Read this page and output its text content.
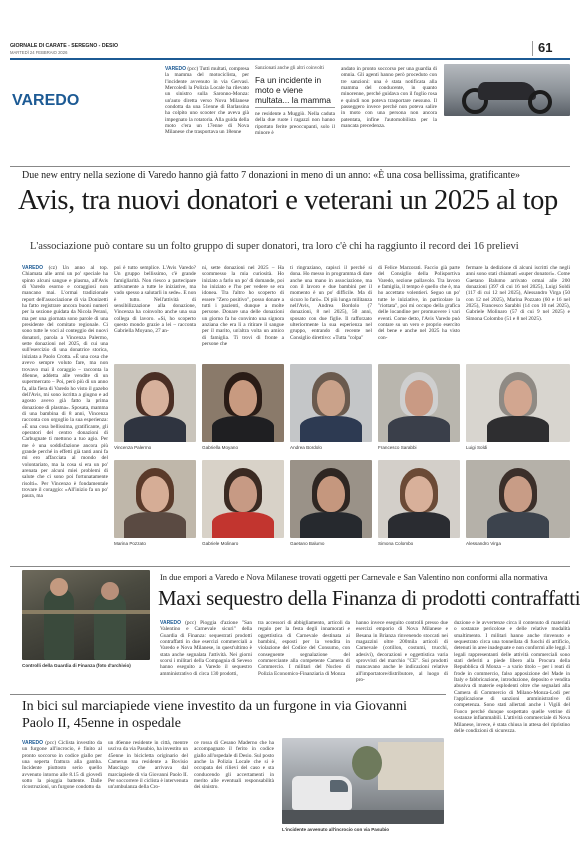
GIORNALE DI CARATE - SEREGNO - DESIO
MARTEDÌ 24 FEBBRAIO 2026	61
VAREDO

VAREDO (pcc) Tutti multati, compresa la mamma del motociclista, per l'incidente avvenuto in via Gervasi. Mercoledì la Polizia Locale ha rilevato un sinistro sulla Saronno-Monza: un'auto diretta verso Nova Milanese condotta da una 51enne di Barlassina ha colpito uno scooter che aveva già impegnato la rotatoria. Alla guida della moto c'era un 17enne di Nova Milanese che trasportava un 18enne

Sanzionati anche gli altri coinvolti
Fa un incidente in moto e viene multata... la mamma

ne residente a Muggiò. Nella caduta della due ruote i ragazzi non hanno riportato ferite preoccupanti, solo il minore è

andato in pronto soccorso per una guardia di omnia. Gli agenti hanno però proceduto con tre sanzioni: una è stata notificata alla mamma del conducente, in quanto minorenne, perché guidava con il foglio rosa e quindi non poteva trasportare nessuno. Il passeggero invece perché non poteva salire in moto con una persona non ancora patentata, infine l'automobilista per la mancata precedenza.
Due new entry nella sezione di Varedo hanno già fatto 7 donazioni in meno di un anno: «È una cosa bellissima, gratificante»
Avis, tra nuovi donatori e veterani un 2025 al top
L'associazione può contare su un folto gruppo di super donatori, tra loro c'è chi ha raggiunto il record dei 16 prelievi

VAREDO (cz) Un anno al top. Chiamata alle armi un po' speciale ha spinto alcuni sangue e plasma, all'Avis di Varedo esorno e coraggiosi non mancano mai. L'ormai tradizionale report dell'associazione di via Donizetti ha fatto registrare ancora buoni numeri per la sezione guidata da Nicola Perani, ma per una giornata sono parole di una presidente del comitato regionale. Ci sono tutte le voci al conteggio dei nuovi donatori, parola a Vincenza Palermo, sette donazioni nel 2025, di cui una sull'esercizio di una donatrice storica, iniziata a Paolo Crotta. «È una cosa che avevo sempre voluto fare, ma non trovavo mai il coraggio – racconta la 46enne, addetta alle vendite di un supermercato – Poi, però più di un anno fa, alla fiera di Varedo ho visto il gazebo dell'Avis, mi sono iscritta a giugno e ad agosto avevo già fatto la prima donazione di plasma». Sposata, mamma di una bambina di 8 anni, Vincenza racconta con orgoglio la sua esperienza: «È una cosa bellissima, gratificante, gli operatori del centro donazioni di Carbugnate ti mettono a tuo agio. Per me è una soddisfazione ancora più grande perché in effetti già tanti anni fa mi ero affacciata al mondo del volontariato, ma la cosa si era un po' arenata per alcuni miei problemi di salute che ci sono poi fortunatamente risolti». Per Vincenzo è fondamentale trovare il coraggio: «All'inizio fa un po' paura, ma

poi è tutto semplice. L'Avis Varedo? Un gruppo bellissimo, c'è grande famigliarità. Non riesco a partecipare attivamente a tutte le iniziative, ma vado spesso a salutarli in sede». E non è tutto. Nell'attività di sensibilizzazione alla donazione, Vincenza ha coinvolto anche una sua collega di lavoro. «Si, ho scoperto questo mondo grazie a lei – racconta Gabriella Moyano, 27 an-
ni, sette donazioni nel 2025 – Ha scommesso la mia curiosità. Ho iniziato a farlo un po' di domande, poi ho iniziato e l'ho per vedere se era idonea. Tra l'altro ho scoperto di essere "Zero positivo", posso donare a tutti i pazienti, dunque a molte persone. Donare una delle donazioni un giorno fa ho convinto una signora anziana che era lì a ritirare il sangue per il marito, un'altra volta un amico di famiglia. Ti trovi di fronte a persone che
ti ringraziano, capisci il perché si dona. Ho messo in programma di dare anche una mano in associazione, ma con il lavoro e due bambini per il momento è un po' difficile. Ma di sicuro lo farò». Di più lunga militanza nell'Avis, Andrea Bordolo (7 donazioni, 8 nel 2025), 50 anni, sposato con due figlie. Il rafforzato ulteriormente la sua esperienza nel gruppo, entrando di recente nel Consiglio direttivo: «Tutta "colpa"
di Felice Marzorati. Faccio già parte del Consiglio della Polisportiva Varedo, sezione pallavolo. Tra lavoro e famiglia, il tempo è quello che è, ma ho accettato volentieri. Seguo un po' tutte le iniziative, in particolare la "riottata", poi mi occupo della grafica delle locandine per promuovere i vari eventi. Come detto, l'Avis Varedo può contare su un vero e proprio esercito del bene e anche nel 2025 ha visto con-
fermare la dedizione di alcuni iscritti che negli anni sono stati chiamati «super donatori». Come Gaetano Balumo arrivato ormai alle 200 donazioni (397 di cui 16 nel 2025), Luigi Soldi (117 di cui 12 nel 2025), Alessandro Virga (50 con 12 nel 2025), Marina Pozzato (60 e 16 nel 2025), Francesco Sarabbi (14 con 10 nel 2025), Gabriele Molinaro (57 di cui 9 nel 2025) e Simona Colombo (51 e 8 nel 2025).
Vincenza Palermo	Gabriella Moyano	Andrea Bordolo	Francesco Sarabbi	Luigi Soldi
Marina Pozzato	Gabriele Molinaro	Gaetano Balumo	Simona Colombo	Alessandro Virga
Controlli della Guardia di Finanza (foto d'archivio)
In due empori a Varedo e Nova Milanese trovati oggetti per Carnevale e San Valentino non conformi alla normativa
Maxi sequestro della Finanza di prodotti contraffatti

VAREDO (pcc) Pioggia d'azione "San Valentino e Carnevale sicuri" della Guardia di Finanza: sequestrati prodotti contraffatti in due esercizi commerciali a Varedo e Nova Milanese, in quest'ultimo è stata anche segnalata l'attività. Nei giorni scorsi i militari della Compagnia di Seveso hanno eseguito a Varedo il sequestro amministrativo di circa 130 prodotti,

tra accessori di abbigliamento, articoli da regalo per la festa degli innamorati e oggettistica di Carnevale destinata ai bambini, esposti per la vendita in violazione del Codice del Consumo, con conseguente segnalazione del commerciante alla competente Camera di Commercio. I militari del Nucleo di Polizia Economico-Finanziaria di Monza
hanno invece eseguito controlli presso due esercizi emporio di Nova Milanese e Besana in Brianza rinvenendo stoccati nei magazzini oltre 200mila articoli di Carnevale (cotillon, costumi, trucchi, adesivi), decorazioni e oggettistica varia sprovvisti del marchio "CE". Sui prodotti mancavano anche le indicazioni relative all'importatore/distributore, al luogo di pro-
duzione e le avvertenze circa il contenuto di materiali o sostanze pericolose e delle relative modalità smaltimento. I militari hanno anche rinvenuto e sequestrato circa una tonnellata di fuochi di artificio, detenuti in aree inadeguate e non conformi alle leggi. I legali rappresentanti delle attività commerciali sono stati deferiti a piede libero alla Procura della Repubblica di Monza – a vario titolo – per i reati di frode in commercio, falso apposizione del Made in Italy e fabbricazione, introduzione, deposito e vendita abusiva di materie esplodenti oltre che segnalati alla Camera di Commercio di Milano-Monza-Lodi per l'applicazione di sanzioni amministrative di competenza. Sono stati allertati anche i Vigili del Fuoco perché dunque sospettato quelle vetrine di sostanze infiammabili. L'attività commerciale di Nova Milanese, invece, è stata chiusa in attesa del ripristino delle condizioni di sicurezza.
In bici sul marciapiede viene investito da un furgone in via Giovanni Paolo II, 45enne in ospedale

VAREDO (pcc) Ciclista investito da un furgone all'incrocio, è finito al pronto soccorso in codice giallo per una seperta frattura alla gamba. Incidente piuttosto serio quello avvenuto intorno alle 8.15 di giovedì sotto la pioggia battente. Dalle ricostruzioni, un furgone condotto da

un 46enne residente in città, mentre usciva da via Pasubio, ha investito un 45enne in bicicletta originario del Camerun ma residente a Bovisio Masciago che arrivava dal marciapiede di via Giovanni Paolo II. Per soccorrere il ciclista è intervenuta un'ambulanza della Cro-
ce rossa di Cesano Maderno che ha accompagnato il ferito in codice giallo all'ospedale di Desio. Sul posto anche la Polizia Locale che si è occupata dei rilievi del caso e sta conducendo gli accertamenti in merito alle eventuali responsabilità dei sinistro.
L'incidente avvenuto all'incrocio con via Pasubio
